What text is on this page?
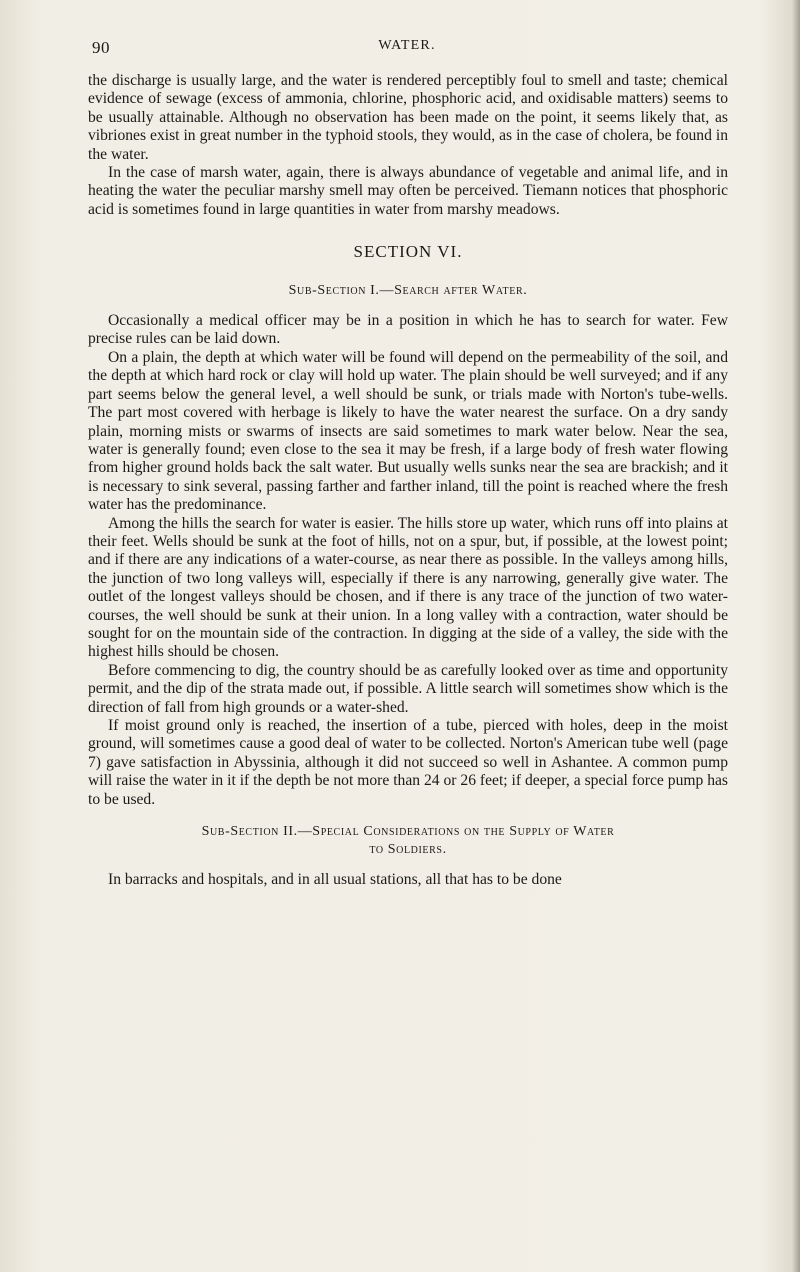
90	WATER.

the discharge is usually large, and the water is rendered perceptibly foul to smell and taste; chemical evidence of sewage (excess of ammonia, chlorine, phosphoric acid, and oxidisable matters) seems to be usually attainable. Although no observation has been made on the point, it seems likely that, as vibriones exist in great number in the typhoid stools, they would, as in the case of cholera, be found in the water.

In the case of marsh water, again, there is always abundance of vegetable and animal life, and in heating the water the peculiar marshy smell may often be perceived. Tiemann notices that phosphoric acid is sometimes found in large quantities in water from marshy meadows.

SECTION VI.
Sub-Section I.—Search after Water.

Occasionally a medical officer may be in a position in which he has to search for water. Few precise rules can be laid down.

On a plain, the depth at which water will be found will depend on the permeability of the soil, and the depth at which hard rock or clay will hold up water. The plain should be well surveyed; and if any part seems below the general level, a well should be sunk, or trials made with Norton's tube-wells. The part most covered with herbage is likely to have the water nearest the surface. On a dry sandy plain, morning mists or swarms of insects are said sometimes to mark water below. Near the sea, water is generally found; even close to the sea it may be fresh, if a large body of fresh water flowing from higher ground holds back the salt water. But usually wells sunks near the sea are brackish; and it is necessary to sink several, passing farther and farther inland, till the point is reached where the fresh water has the predominance.

Among the hills the search for water is easier. The hills store up water, which runs off into plains at their feet. Wells should be sunk at the foot of hills, not on a spur, but, if possible, at the lowest point; and if there are any indications of a water-course, as near there as possible. In the valleys among hills, the junction of two long valleys will, especially if there is any narrowing, generally give water. The outlet of the longest valleys should be chosen, and if there is any trace of the junction of two water-courses, the well should be sunk at their union. In a long valley with a contraction, water should be sought for on the mountain side of the contraction. In digging at the side of a valley, the side with the highest hills should be chosen.

Before commencing to dig, the country should be as carefully looked over as time and opportunity permit, and the dip of the strata made out, if possible. A little search will sometimes show which is the direction of fall from high grounds or a water-shed.

If moist ground only is reached, the insertion of a tube, pierced with holes, deep in the moist ground, will sometimes cause a good deal of water to be collected. Norton's American tube well (page 7) gave satisfaction in Abyssinia, although it did not succeed so well in Ashantee. A common pump will raise the water in it if the depth be not more than 24 or 26 feet; if deeper, a special force pump has to be used.

Sub-Section II.—Special Considerations on the Supply of Water
to Soldiers.

In barracks and hospitals, and in all usual stations, all that has to be done
